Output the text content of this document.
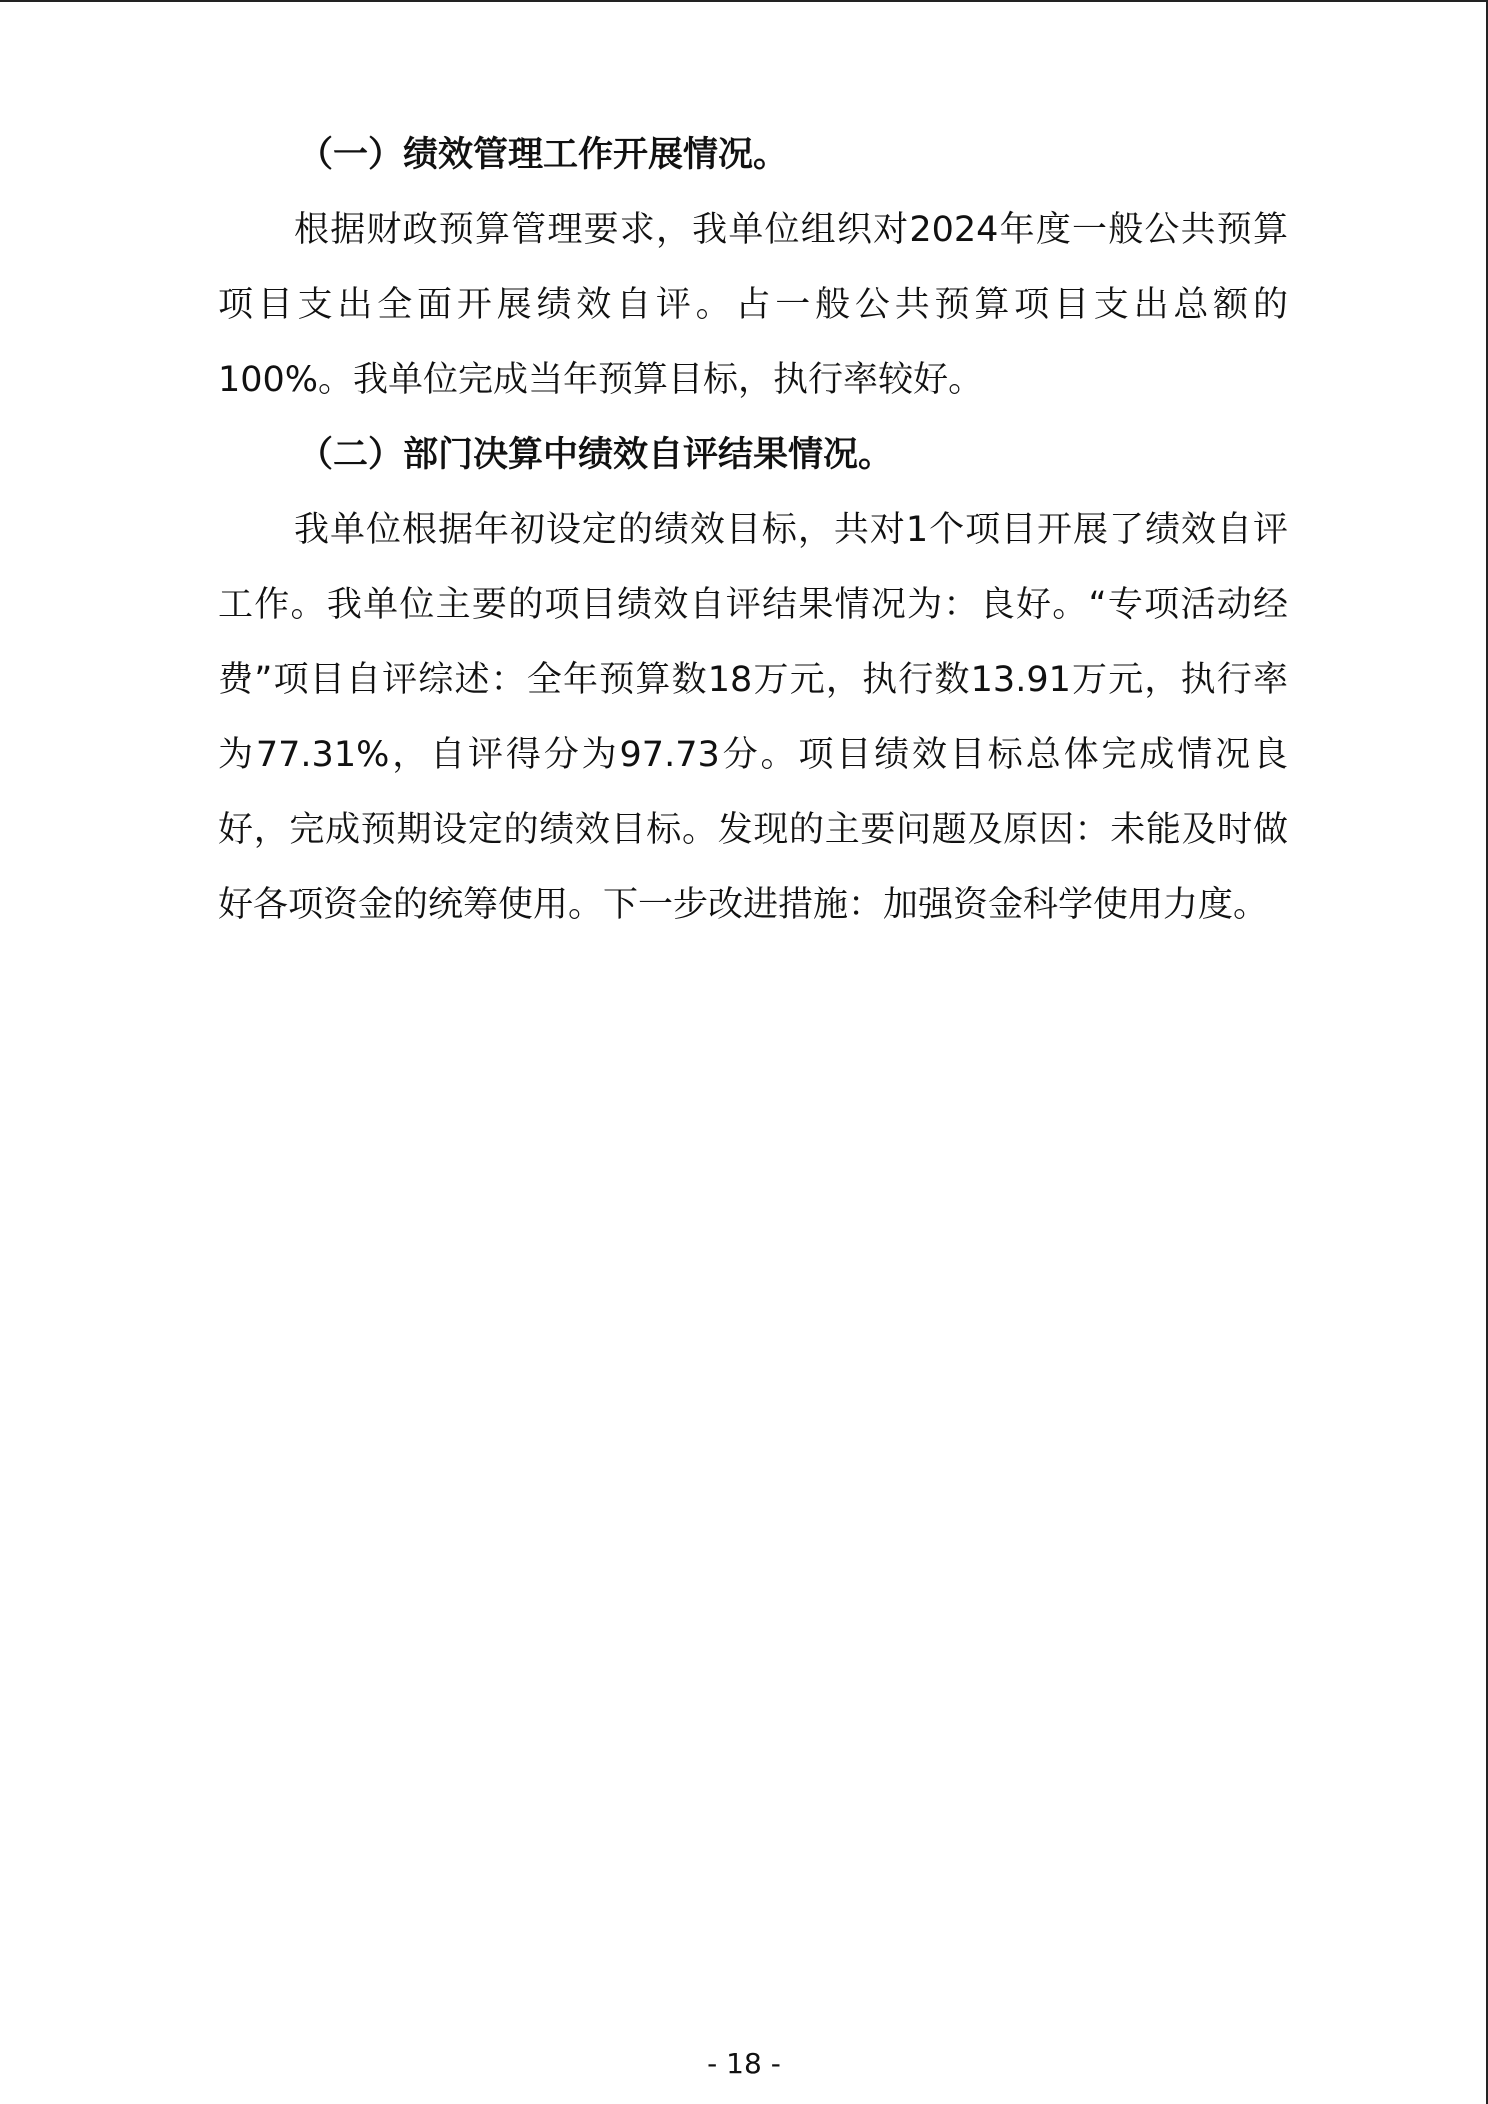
（一）绩效管理工作开展情况。

根据财政预算管理要求，我单位组织对2024年度一般公共预算项目支出全面开展绩效自评。占一般公共预算项目支出总额的100%。我单位完成当年预算目标，执行率较好。

（二）部门决算中绩效自评结果情况。

我单位根据年初设定的绩效目标，共对1个项目开展了绩效自评工作。我单位主要的项目绩效自评结果情况为：良好。“专项活动经费”项目自评综述：全年预算数18万元，执行数13.91万元，执行率为77.31%，自评得分为97.73分。项目绩效目标总体完成情况良好，完成预期设定的绩效目标。发现的主要问题及原因：未能及时做好各项资金的统筹使用。下一步改进措施：加强资金科学使用力度。

- 18 -
